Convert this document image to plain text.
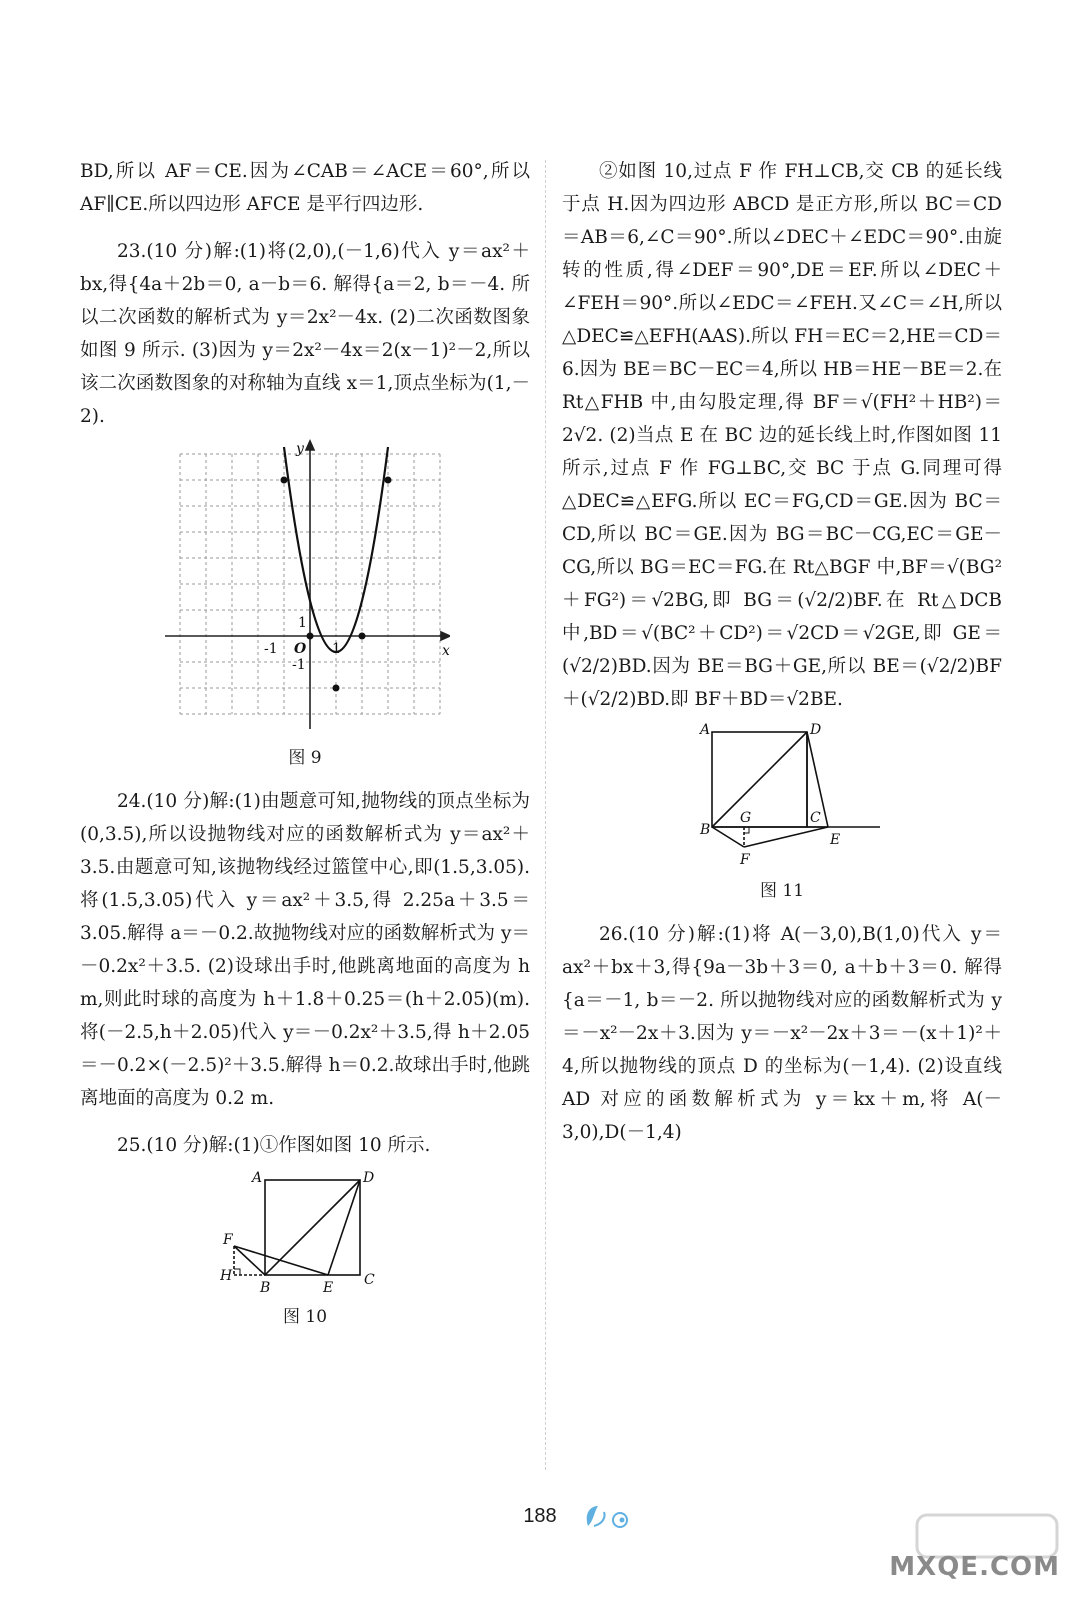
BD,所以 AF＝CE.因为∠CAB＝∠ACE＝60°,所以 AF∥CE.所以四边形 AFCE 是平行四边形.

23.(10 分)解:(1)将(2,0),(－1,6)代入 y＝ax²＋bx,得{4a＋2b＝0, a－b＝6. 解得{a＝2, b＝－4. 所以二次函数的解析式为 y＝2x²－4x. (2)二次函数图象如图 9 所示. (3)因为 y＝2x²－4x＝2(x－1)²－2,所以该二次函数图象的对称轴为直线 x＝1,顶点坐标为(1,－2).

y
x
O 1
-1
1
-1
图 9

24.(10 分)解:(1)由题意可知,抛物线的顶点坐标为(0,3.5),所以设抛物线对应的函数解析式为 y＝ax²＋3.5.由题意可知,该抛物线经过篮筐中心,即(1.5,3.05).将(1.5,3.05)代入 y＝ax²＋3.5,得 2.25a＋3.5＝3.05.解得 a＝－0.2.故抛物线对应的函数解析式为 y＝－0.2x²＋3.5. (2)设球出手时,他跳离地面的高度为 h m,则此时球的高度为 h＋1.8＋0.25＝(h＋2.05)(m).将(－2.5,h＋2.05)代入 y＝－0.2x²＋3.5,得 h＋2.05＝－0.2×(－2.5)²＋3.5.解得 h＝0.2.故球出手时,他跳离地面的高度为 0.2 m.

25.(10 分)解:(1)①作图如图 10 所示.

A	D
F
H
B	E C
图 10

②如图 10,过点 F 作 FH⊥CB,交 CB 的延长线于点 H.因为四边形 ABCD 是正方形,所以 BC＝CD＝AB＝6,∠C＝90°.所以∠DEC＋∠EDC＝90°.由旋转的性质,得∠DEF＝90°,DE＝EF.所以∠DEC＋∠FEH＝90°.所以∠EDC＝∠FEH.又∠C＝∠H,所以△DEC≌△EFH(AAS).所以 FH＝EC＝2,HE＝CD＝6.因为 BE＝BC－EC＝4,所以 HB＝HE－BE＝2.在 Rt△FHB 中,由勾股定理,得 BF＝√(FH²＋HB²)＝2√2. (2)当点 E 在 BC 边的延长线上时,作图如图 11 所示,过点 F 作 FG⊥BC,交 BC 于点 G.同理可得△DEC≌△EFG.所以 EC＝FG,CD＝GE.因为 BC＝CD,所以 BC＝GE.因为 BG＝BC－CG,EC＝GE－CG,所以 BG＝EC＝FG.在 Rt△BGF 中,BF＝√(BG²＋FG²)＝√2BG,即 BG＝(√2/2)BF.在 Rt△DCB 中,BD＝√(BC²＋CD²)＝√2CD＝√2GE,即 GE＝(√2/2)BD.因为 BE＝BG＋GE,所以 BE＝(√2/2)BF＋(√2/2)BD.即 BF＋BD＝√2BE.

A	D
G	C
B
E
F
图 11

26.(10 分)解:(1)将 A(－3,0),B(1,0)代入 y＝ax²＋bx＋3,得{9a－3b＋3＝0, a＋b＋3＝0. 解得{a＝－1, b＝－2. 所以抛物线对应的函数解析式为 y＝－x²－2x＋3.因为 y＝－x²－2x＋3＝－(x＋1)²＋4,所以抛物线的顶点 D 的坐标为(－1,4). (2)设直线 AD 对应的函数解析式为 y＝kx＋m,将 A(－3,0),D(－1,4)

188
MXQE.COM
